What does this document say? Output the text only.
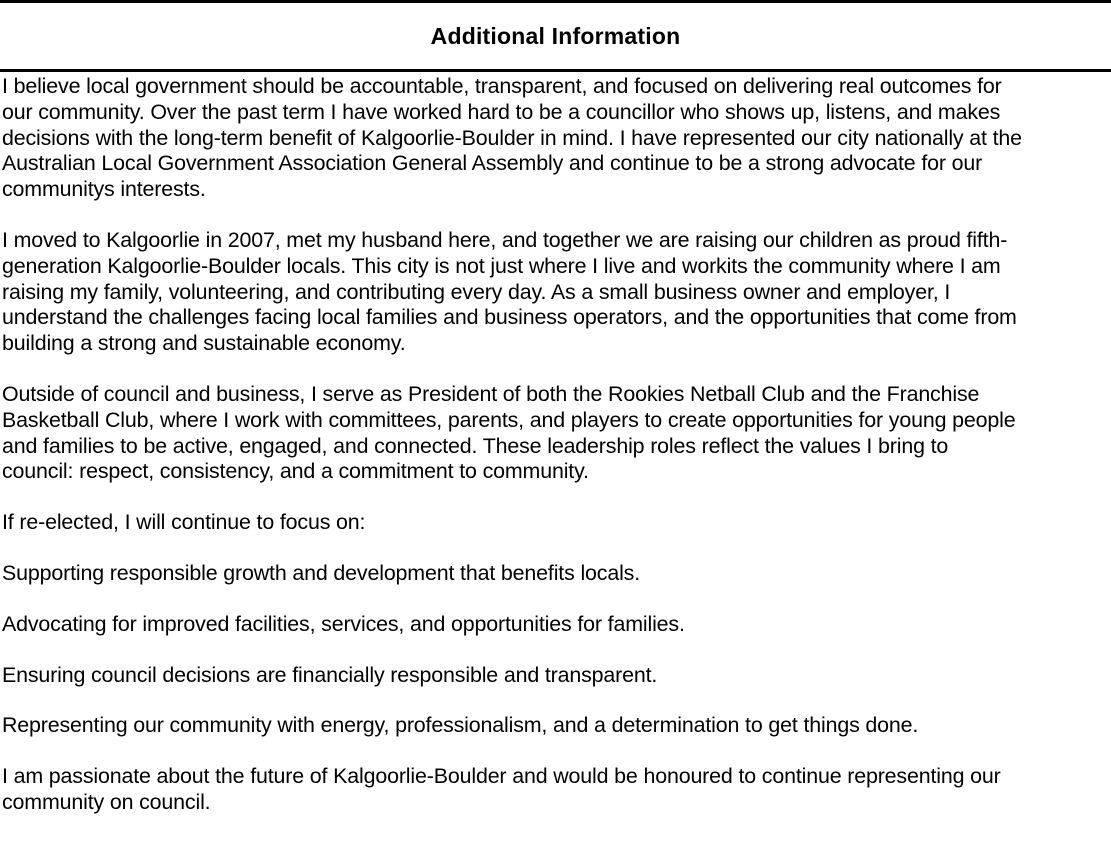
Additional Information

I believe local government should be accountable, transparent, and focused on delivering real outcomes for
our community. Over the past term I have worked hard to be a councillor who shows up, listens, and makes
decisions with the long-term benefit of Kalgoorlie-Boulder in mind. I have represented our city nationally at the
Australian Local Government Association General Assembly and continue to be a strong advocate for our
communitys interests.

I moved to Kalgoorlie in 2007, met my husband here, and together we are raising our children as proud fifth-
generation Kalgoorlie-Boulder locals. This city is not just where I live and workits the community where I am
raising my family, volunteering, and contributing every day. As a small business owner and employer, I
understand the challenges facing local families and business operators, and the opportunities that come from
building a strong and sustainable economy.

Outside of council and business, I serve as President of both the Rookies Netball Club and the Franchise
Basketball Club, where I work with committees, parents, and players to create opportunities for young people
and families to be active, engaged, and connected. These leadership roles reflect the values I bring to
council: respect, consistency, and a commitment to community.

If re-elected, I will continue to focus on:

Supporting responsible growth and development that benefits locals.

Advocating for improved facilities, services, and opportunities for families.

Ensuring council decisions are financially responsible and transparent.

Representing our community with energy, professionalism, and a determination to get things done.

I am passionate about the future of Kalgoorlie-Boulder and would be honoured to continue representing our
community on council.
